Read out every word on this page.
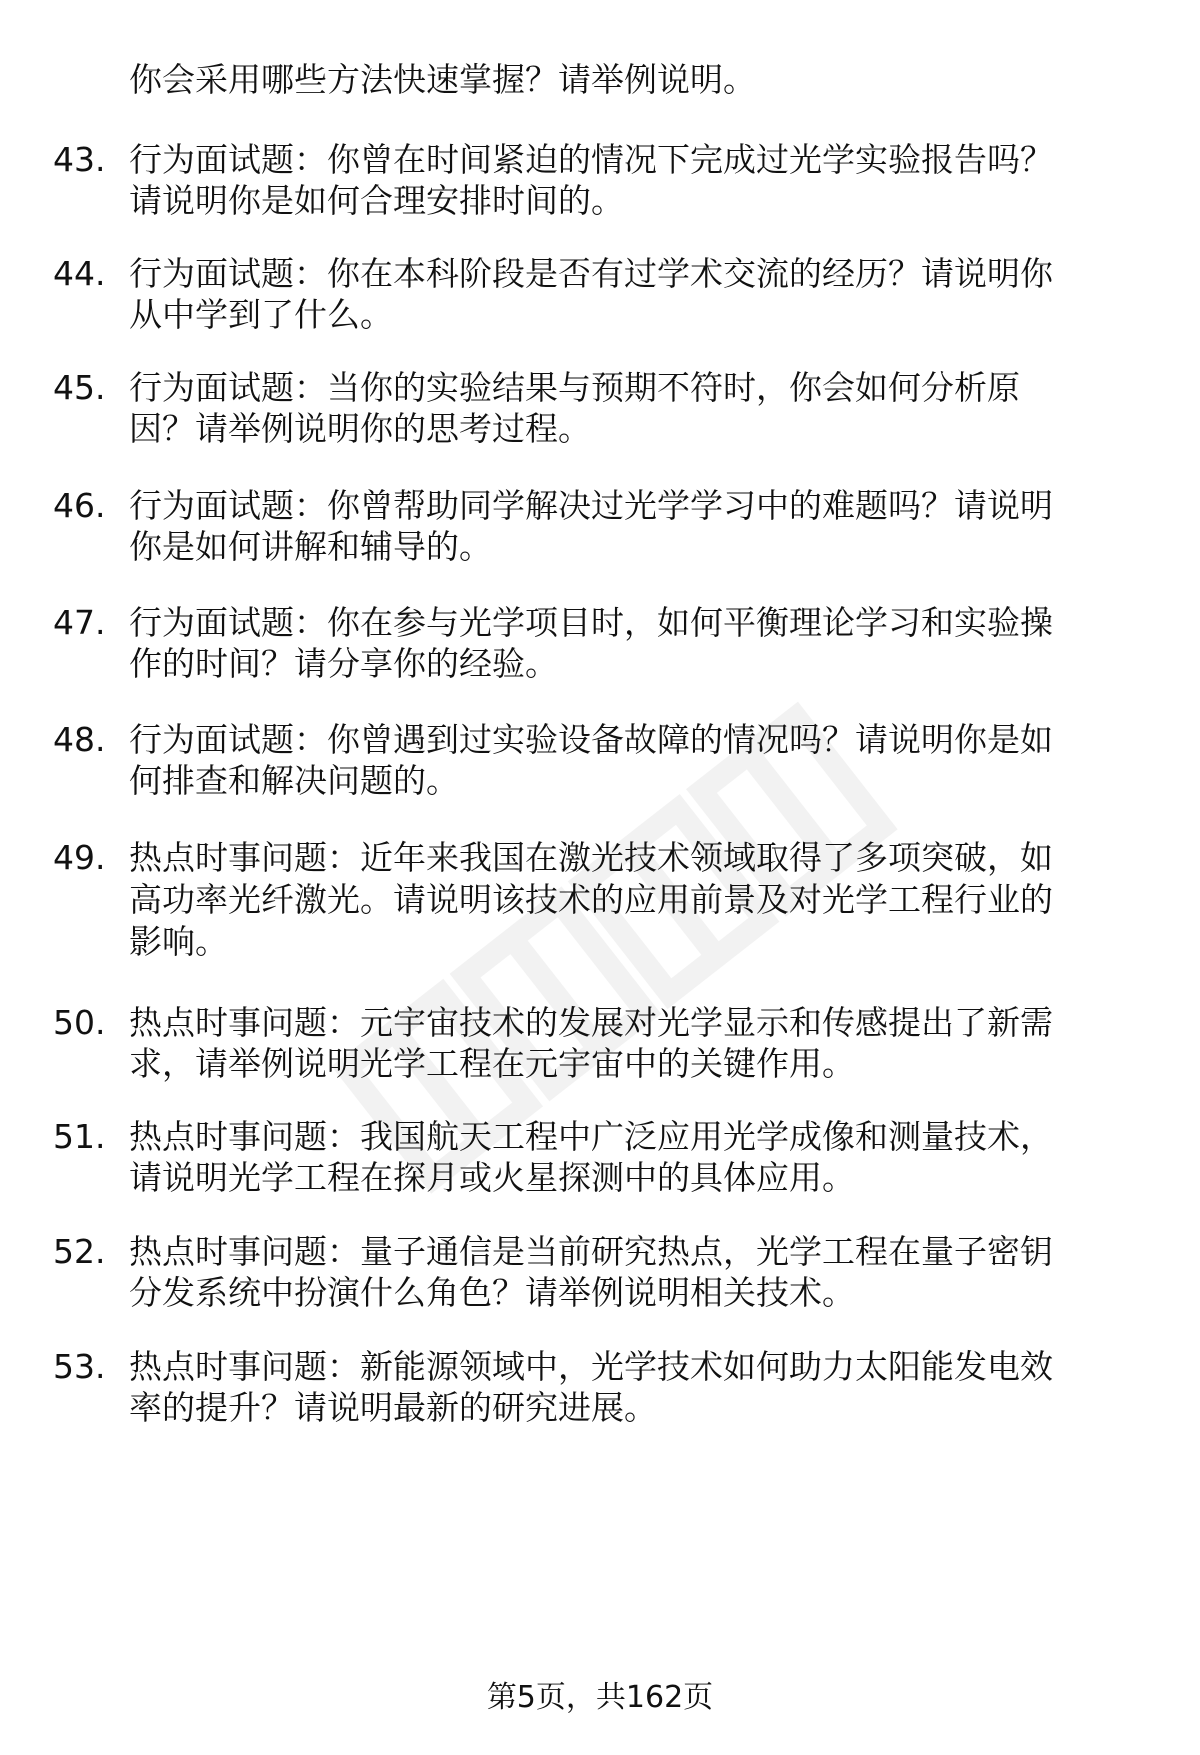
你会采用哪些方法快速掌握？请举例说明。
43. 行为面试题：你曾在时间紧迫的情况下完成过光学实验报告吗？
请说明你是如何合理安排时间的。
44. 行为面试题：你在本科阶段是否有过学术交流的经历？请说明你
从中学到了什么。
45. 行为面试题：当你的实验结果与预期不符时，你会如何分析原
因？请举例说明你的思考过程。
46. 行为面试题：你曾帮助同学解决过光学学习中的难题吗？请说明
你是如何讲解和辅导的。
47. 行为面试题：你在参与光学项目时，如何平衡理论学习和实验操
作的时间？请分享你的经验。
48. 行为面试题：你曾遇到过实验设备故障的情况吗？请说明你是如
何排查和解决问题的。
49. 热点时事问题：近年来我国在激光技术领域取得了多项突破，如
高功率光纤激光。请说明该技术的应用前景及对光学工程行业的
影响。
50. 热点时事问题：元宇宙技术的发展对光学显示和传感提出了新需
求，请举例说明光学工程在元宇宙中的关键作用。
51. 热点时事问题：我国航天工程中广泛应用光学成像和测量技术，
请说明光学工程在探月或火星探测中的具体应用。
52. 热点时事问题：量子通信是当前研究热点，光学工程在量子密钥
分发系统中扮演什么角色？请举例说明相关技术。
53. 热点时事问题：新能源领域中，光学技术如何助力太阳能发电效
率的提升？请说明最新的研究进展。
第5页，共162页
